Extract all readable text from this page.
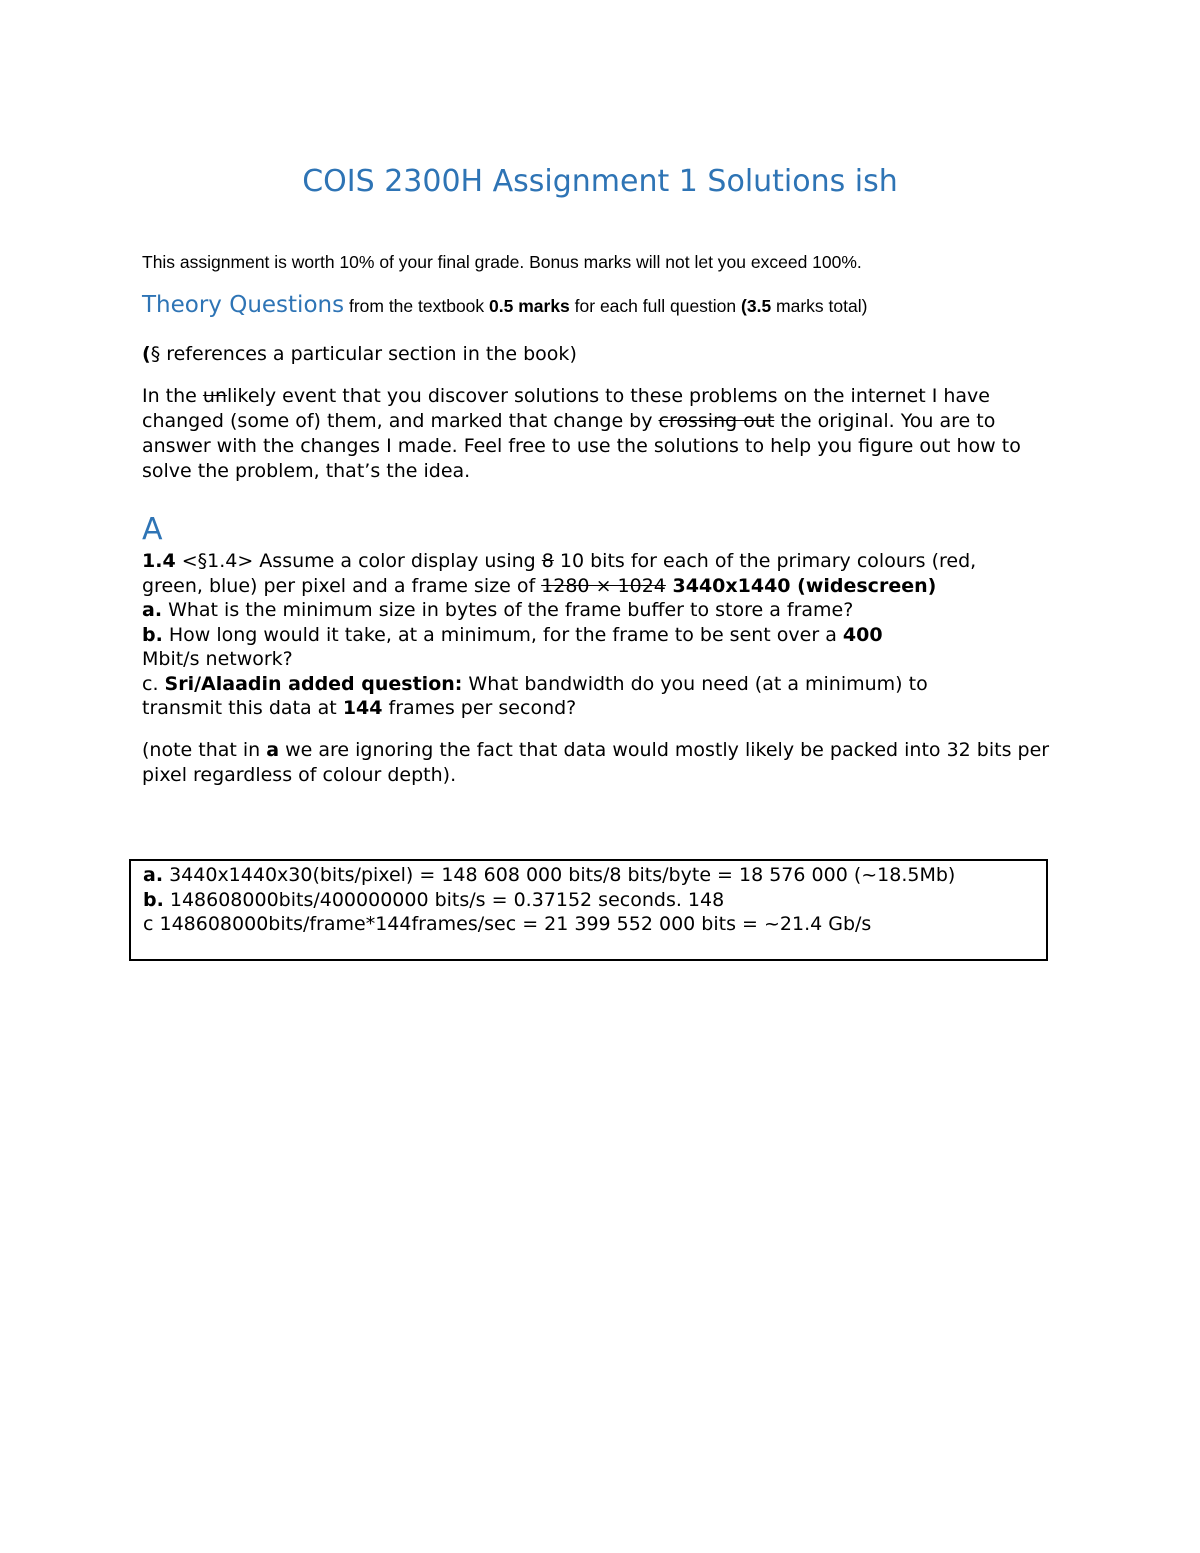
COIS 2300H Assignment 1 Solutions ish

This assignment is worth 10% of your final grade. Bonus marks will not let you exceed 100%.

Theory Questions from the textbook 0.5 marks for each full question (3.5 marks total)

(§ references a particular section in the book)

In the unlikely event that you discover solutions to these problems on the internet I have changed (some of) them, and marked that change by crossing out the original. You are to answer with the changes I made. Feel free to use the solutions to help you figure out how to solve the problem, that’s the idea.

A

1.4 <§1.4> Assume a color display using 8 10 bits for each of the primary colours (red,
green, blue) per pixel and a frame size of 1280 × 1024 3440x1440 (widescreen)
a. What is the minimum size in bytes of the frame buffer to store a frame?
b. How long would it take, at a minimum, for the frame to be sent over a 400
Mbit/s network?
c. Sri/Alaadin added question: What bandwidth do you need (at a minimum) to
transmit this data at 144 frames per second?

(note that in a we are ignoring the fact that data would mostly likely be packed into 32 bits per pixel regardless of colour depth).

a. 3440x1440x30(bits/pixel) = 148 608 000 bits/8 bits/byte = 18 576 000 (~18.5Mb)
b. 148608000bits/400000000 bits/s = 0.37152 seconds. 148
c 148608000bits/frame*144frames/sec = 21 399 552 000 bits = ~21.4 Gb/s
